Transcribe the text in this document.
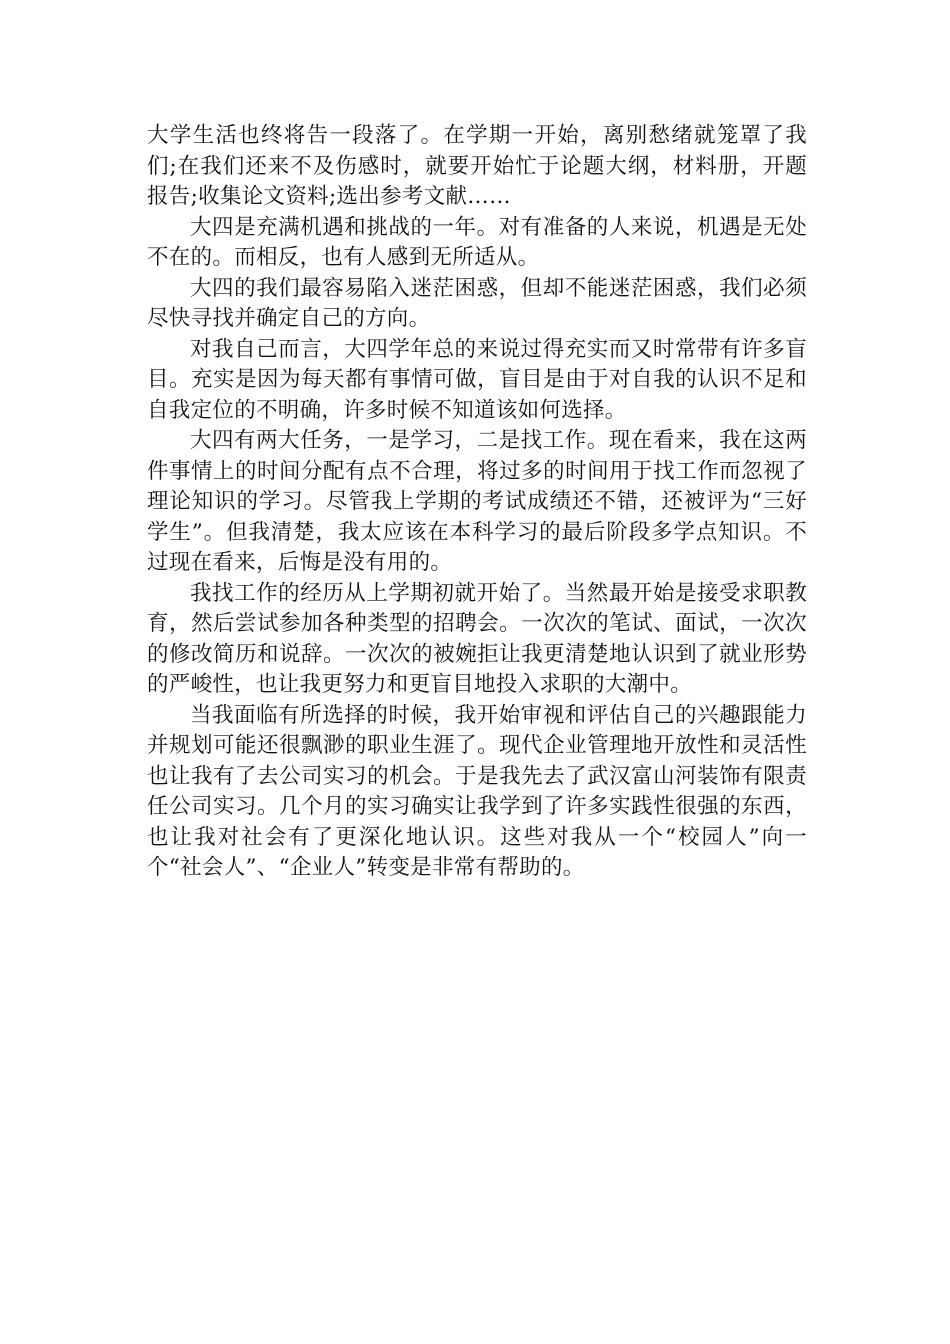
大学生活也终将告一段落了。在学期一开始，离别愁绪就笼罩了我们;在我们还来不及伤感时，就要开始忙于论题大纲，材料册，开题报告;收集论文资料;选出参考文献……

大四是充满机遇和挑战的一年。对有准备的人来说，机遇是无处不在的。而相反，也有人感到无所适从。

大四的我们最容易陷入迷茫困惑，但却不能迷茫困惑，我们必须尽快寻找并确定自己的方向。

对我自己而言，大四学年总的来说过得充实而又时常带有许多盲目。充实是因为每天都有事情可做，盲目是由于对自我的认识不足和自我定位的不明确，许多时候不知道该如何选择。

大四有两大任务，一是学习，二是找工作。现在看来，我在这两件事情上的时间分配有点不合理，将过多的时间用于找工作而忽视了理论知识的学习。尽管我上学期的考试成绩还不错，还被评为“三好学生”。但我清楚，我太应该在本科学习的最后阶段多学点知识。不过现在看来，后悔是没有用的。

我找工作的经历从上学期初就开始了。当然最开始是接受求职教育，然后尝试参加各种类型的招聘会。一次次的笔试、面试，一次次的修改简历和说辞。一次次的被婉拒让我更清楚地认识到了就业形势的严峻性，也让我更努力和更盲目地投入求职的大潮中。

当我面临有所选择的时候，我开始审视和评估自己的兴趣跟能力并规划可能还很飘渺的职业生涯了。现代企业管理地开放性和灵活性也让我有了去公司实习的机会。于是我先去了武汉富山河装饰有限责任公司实习。几个月的实习确实让我学到了许多实践性很强的东西，也让我对社会有了更深化地认识。这些对我从一个“校园人”向一个“社会人”、“企业人”转变是非常有帮助的。
